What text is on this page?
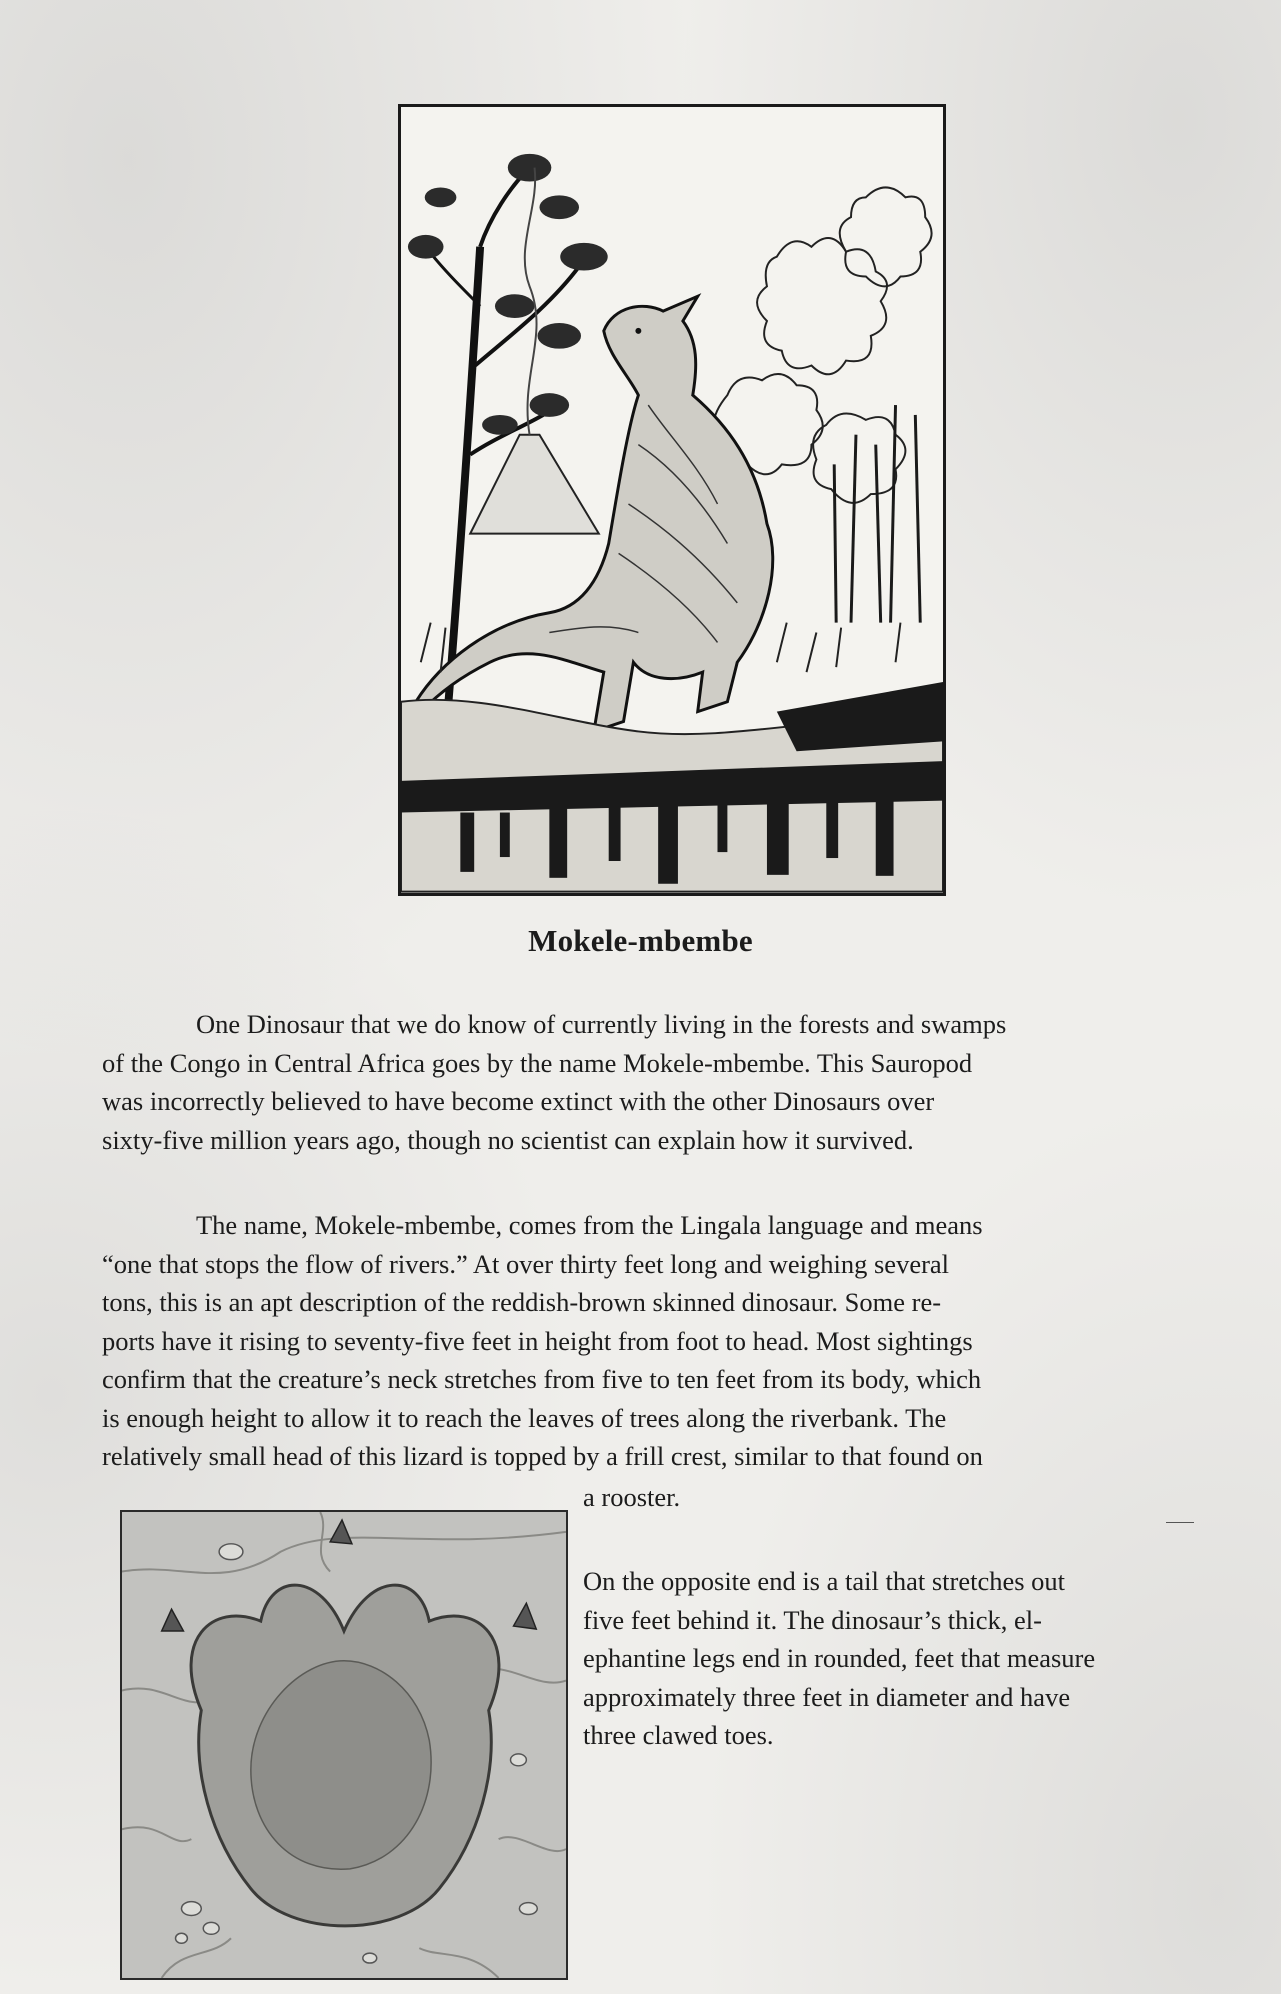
Mokele-mbembe

One Dinosaur that we do know of currently living in the forests and swamps
of the Congo in Central Africa goes by the name Mokele-mbembe. This Sauropod
was incorrectly believed to have become extinct with the other Dinosaurs over
sixty-five million years ago, though no scientist can explain how it survived.

The name, Mokele-mbembe, comes from the Lingala language and means
“one that stops the flow of rivers.” At over thirty feet long and weighing several
tons, this is an apt description of the reddish-brown skinned dinosaur. Some re-
ports have it rising to seventy-five feet in height from foot to head. Most sightings
confirm that the creature’s neck stretches from five to ten feet from its body, which
is enough height to allow it to reach the leaves of trees along the riverbank. The
relatively small head of this lizard is topped by a frill crest, similar to that found on

a rooster.

On the opposite end is a tail that stretches out
five feet behind it. The dinosaur’s thick, el-
ephantine legs end in rounded, feet that measure
approximately three feet in diameter and have
three clawed toes.
